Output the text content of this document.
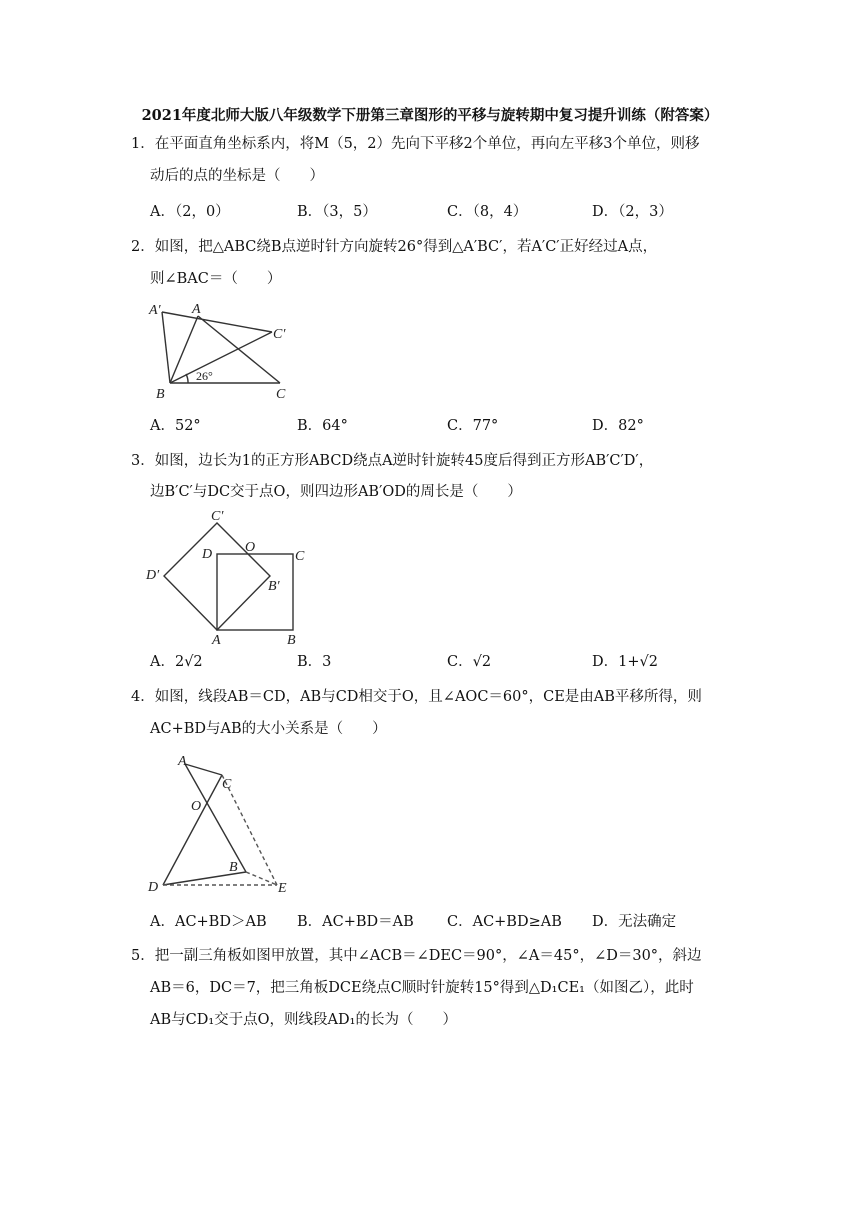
2021年度北师大版八年级数学下册第三章图形的平移与旋转期中复习提升训练（附答案）
1．在平面直角坐标系内，将M（5，2）先向下平移2个单位，再向左平移3个单位，则移
动后的点的坐标是（　　）
A．（2，0）	B．（3，5）	C．（8，4）	D．（2，3）
2．如图，把△ABC绕B点逆时针方向旋转26°得到△A′BC′，若A′C′正好经过A点，
则∠BAC＝（　　）
A′ A
C′
B
26°
C
A．52°	B．64°	C．77°	D．82°
3．如图，边长为1的正方形ABCD绕点A逆时针旋转45度后得到正方形AB′C′D′，
边B′C′与DC交于点O，则四边形AB′OD的周长是（　　）
C′
D O
C
D′
B′
A	B
A．2√2	B．3	C．√2	D．1+√2
4．如图，线段AB＝CD，AB与CD相交于O，且∠AOC＝60°，CE是由AB平移所得，则
AC+BD与AB的大小关系是（　　）
A
C
O
B
D	E
A．AC+BD＞AB B．AC+BD＝AB C．AC+BD≥AB D．无法确定
5．把一副三角板如图甲放置，其中∠ACB＝∠DEC＝90°，∠A＝45°，∠D＝30°，斜边
AB＝6，DC＝7，把三角板DCE绕点C顺时针旋转15°得到△D₁CE₁（如图乙），此时
AB与CD₁交于点O，则线段AD₁的长为（　　）
